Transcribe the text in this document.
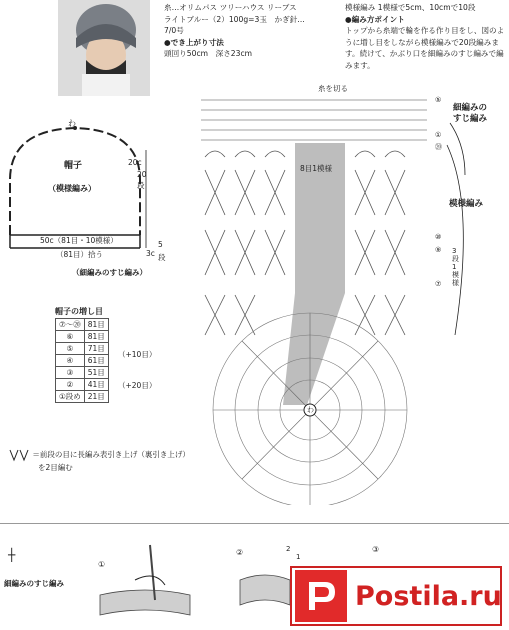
糸…オリムパス ツリーハウス リーブス
ライトブルー（2）100g=3玉　かぎ針…
7/0号
●でき上がり寸法
頭回り50cm　深さ23cm
模様編み 1模様で5cm、10cmで10段
●編み方ポイント
トップから糸端で輪を作る作り目をし、図のように増し目をしながら模様編みで20段編みます。続けて、かぶり口を細編みのすじ編みで編みます。
わ
帽子
（模様編み）
20c
20
段
50c（81目・10模様）
（81目）拾う	3c
5
段
（細編みのすじ編み）
糸を切る
8目1模様
細編みの
すじ編み
模様編み
3
段
1
模
様
⑤
①
⑳
⑩
⑨
⑦
わ
帽子の増し目
⑦〜⑳	81目
⑥	81目
⑤	71目
④	61目
③	51目
②	41目
①段め	21目
（+10目）
（+20目）
＝前段の目に長編み表引き上げ（裏引き上げ）
を2目編む
┼
細編みのすじ編み
①
②	③
2
1
Postila.ru
